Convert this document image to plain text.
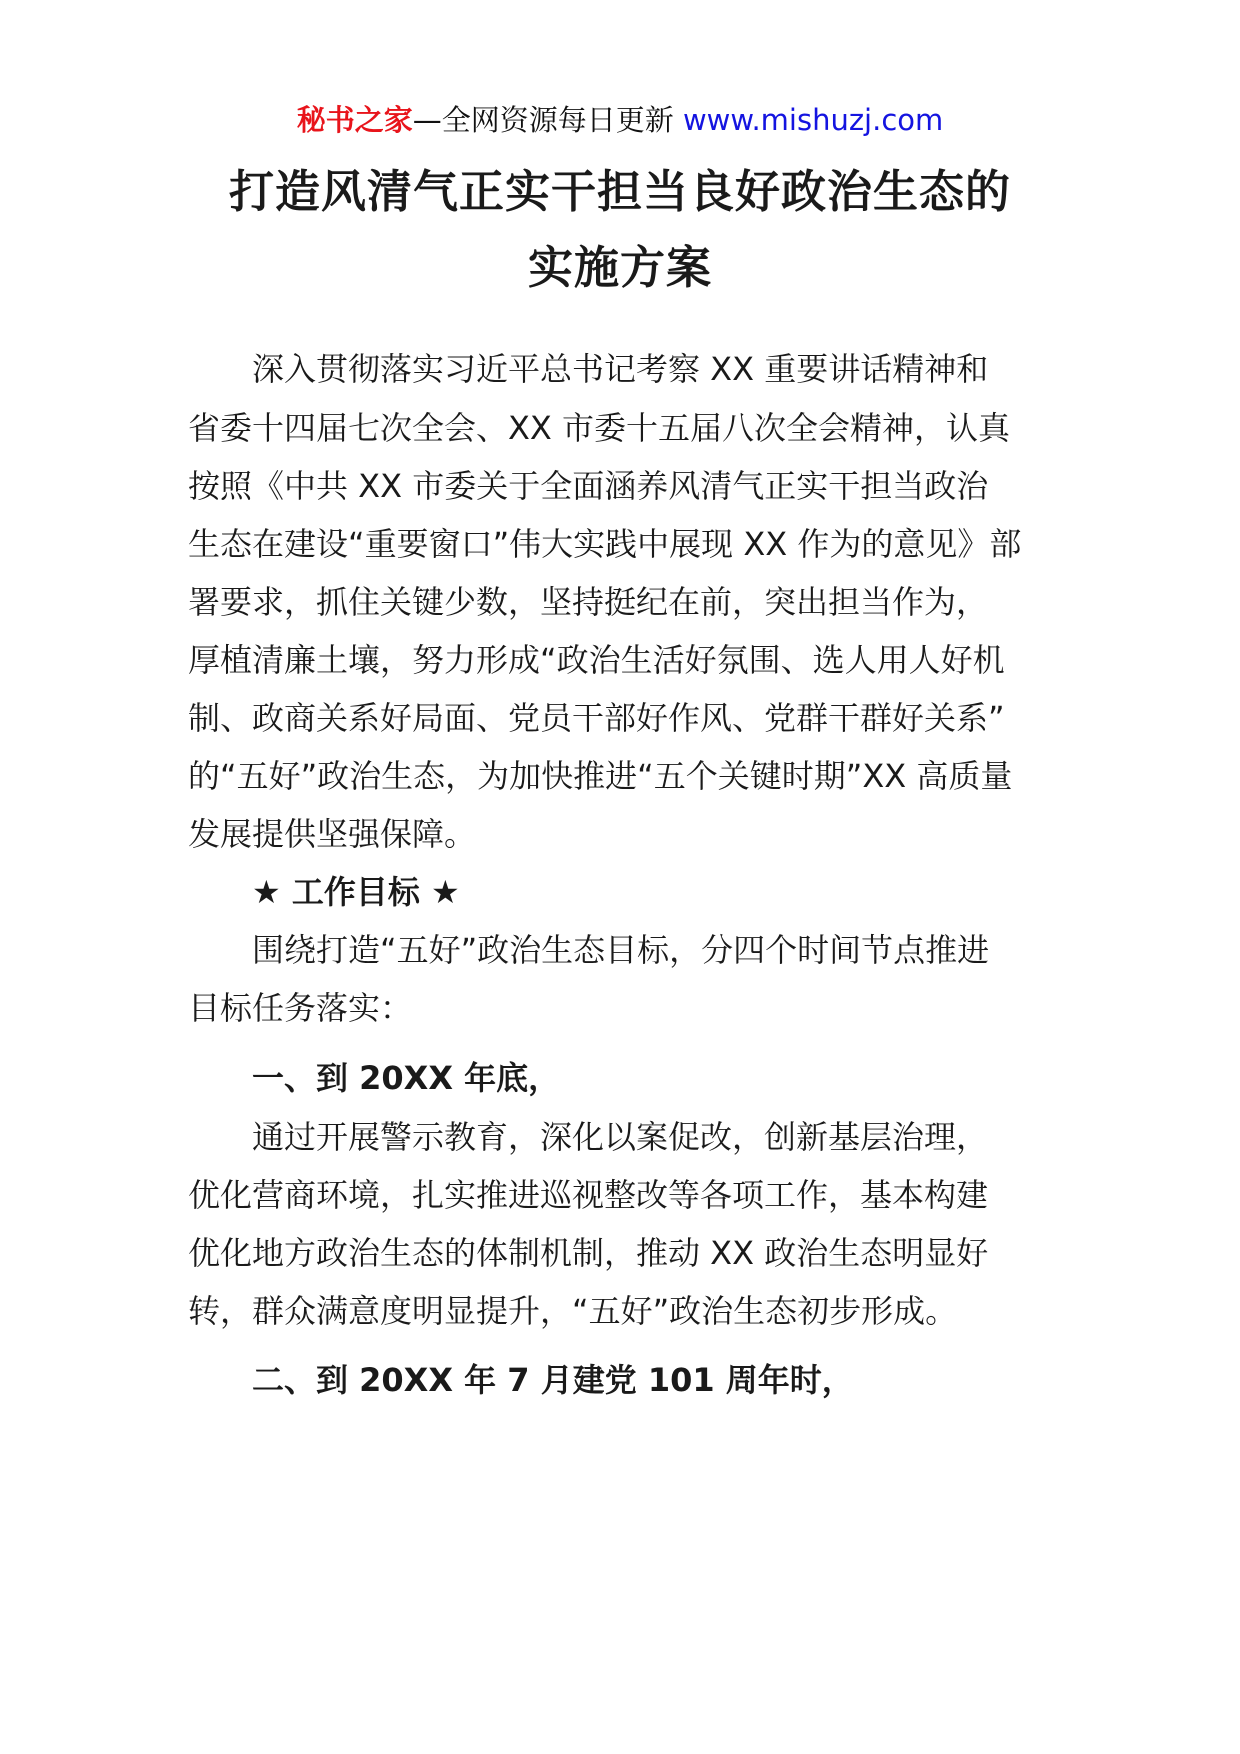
秘书之家—全网资源每日更新 www.mishuzj.com
打造风清气正实干担当良好政治生态的
实施方案
深入贯彻落实习近平总书记考察 XX 重要讲话精神和
省委十四届七次全会、XX 市委十五届八次全会精神，认真
按照《中共 XX 市委关于全面涵养风清气正实干担当政治
生态在建设“重要窗口”伟大实践中展现 XX 作为的意见》部
署要求，抓住关键少数，坚持挺纪在前，突出担当作为，
厚植清廉土壤，努力形成“政治生活好氛围、选人用人好机
制、政商关系好局面、党员干部好作风、党群干群好关系”
的“五好”政治生态，为加快推进“五个关键时期”XX 高质量
发展提供坚强保障。
★ 工作目标 ★
围绕打造“五好”政治生态目标，分四个时间节点推进
目标任务落实：
一、到 20XX 年底，
通过开展警示教育，深化以案促改，创新基层治理，
优化营商环境，扎实推进巡视整改等各项工作，基本构建
优化地方政治生态的体制机制，推动 XX 政治生态明显好
转，群众满意度明显提升，“五好”政治生态初步形成。
二、到 20XX 年 7 月建党 101 周年时，
